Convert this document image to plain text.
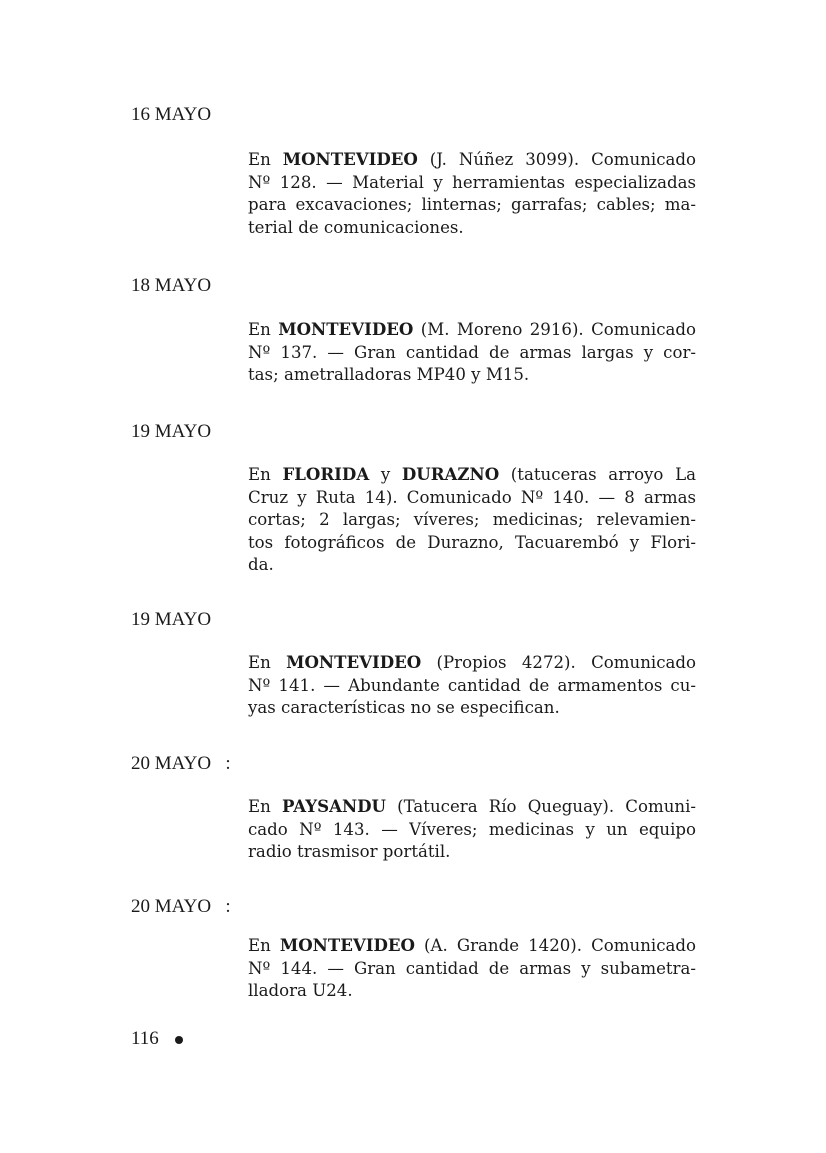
16 MAYO
En MONTEVIDEO (J. Núñez 3099). Comunicado
Nº 128. — Material y herramientas especializadas
para excavaciones; linternas; garrafas; cables; ma-
terial de comunicaciones.
18 MAYO
En MONTEVIDEO (M. Moreno 2916). Comunicado
Nº 137. — Gran cantidad de armas largas y cor-
tas; ametralladoras MP40 y M15.
19 MAYO
En FLORIDA y DURAZNO (tatuceras arroyo La
Cruz y Ruta 14). Comunicado Nº 140. — 8 armas
cortas; 2 largas; víveres; medicinas; relevamien-
tos fotográficos de Durazno, Tacuarembó y Flori-
da.
19 MAYO
En MONTEVIDEO (Propios 4272). Comunicado
Nº 141. — Abundante cantidad de armamentos cu-
yas características no se especifican.
20 MAYO   :
En PAYSANDU (Tatucera Río Queguay). Comuni-
cado Nº 143. — Víveres; medicinas y un equipo
radio trasmisor portátil.
20 MAYO   :
En MONTEVIDEO (A. Grande 1420). Comunicado
Nº 144. — Gran cantidad de armas y subametra-
lladora U24.
116
